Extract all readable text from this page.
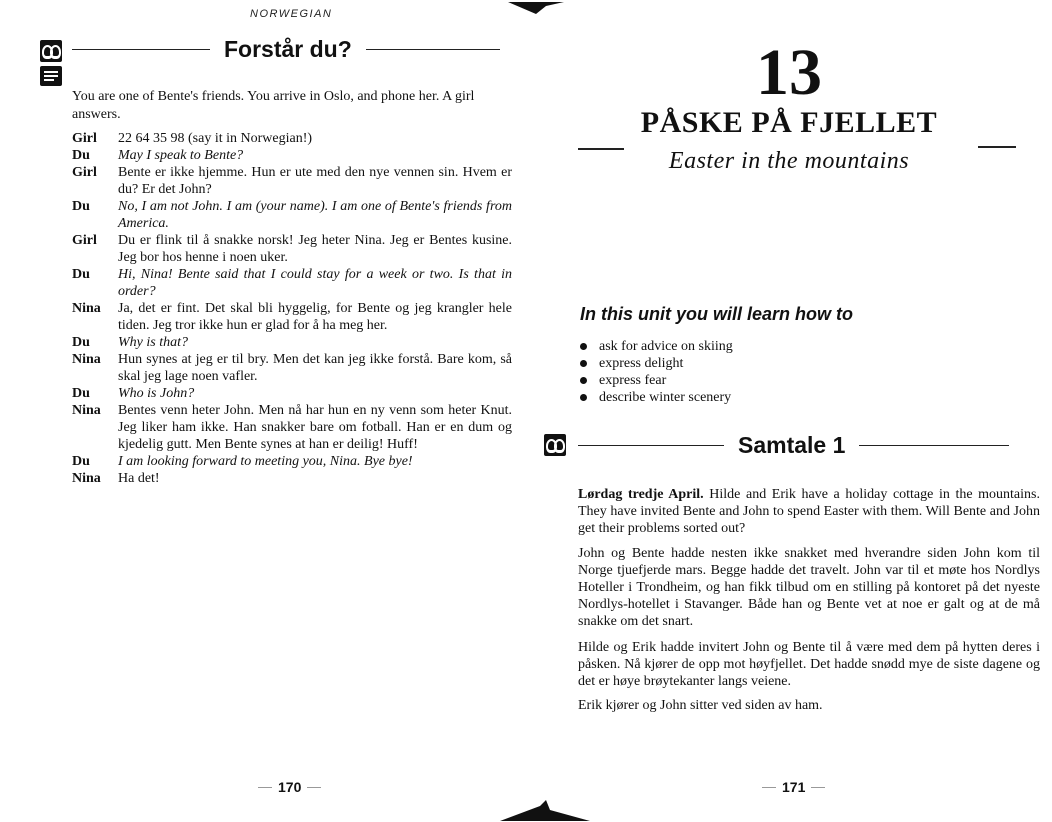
NORWEGIAN
Forstår du?
You are one of Bente's friends. You arrive in Oslo, and phone her. A girl answers.
Girl	22 64 35 98 (say it in Norwegian!)
Du	May I speak to Bente?
Girl	Bente er ikke hjemme. Hun er ute med den nye vennen sin. Hvem er du? Er det John?
Du	No, I am not John. I am (your name). I am one of Bente's friends from America.
Girl	Du er flink til å snakke norsk! Jeg heter Nina. Jeg er Bentes kusine. Jeg bor hos henne i noen uker.
Du	Hi, Nina! Bente said that I could stay for a week or two. Is that in order?
Nina	Ja, det er fint. Det skal bli hyggelig, for Bente og jeg krangler hele tiden. Jeg tror ikke hun er glad for å ha meg her.
Du	Why is that?
Nina	Hun synes at jeg er til bry. Men det kan jeg ikke forstå. Bare kom, så skal jeg lage noen vafler.
Du	Who is John?
Nina	Bentes venn heter John. Men nå har hun en ny venn som heter Knut. Jeg liker ham ikke. Han snakker bare om fotball. Han er en dum og kjedelig gutt. Men Bente synes at han er deilig! Huff!
Du	I am looking forward to meeting you, Nina. Bye bye!
Nina	Ha det!
170
13
PÅSKE PÅ FJELLET
Easter in the mountains
In this unit you will learn how to
ask for advice on skiing
express delight
express fear
describe winter scenery
Samtale 1

Lørdag tredje April. Hilde and Erik have a holiday cottage in the mountains. They have invited Bente and John to spend Easter with them. Will Bente and John get their problems sorted out?

John og Bente hadde nesten ikke snakket med hverandre siden John kom til Norge tjuefjerde mars. Begge hadde det travelt. John var til et møte hos Nordlys Hoteller i Trondheim, og han fikk tilbud om en stilling på kontoret på det nyeste Nordlys-hotellet i Stavanger. Både han og Bente vet at noe er galt og at de må snakke om det snart.

Hilde og Erik hadde invitert John og Bente til å være med dem på hytten deres i påsken. Nå kjører de opp mot høyfjellet. Det hadde snødd mye de siste dagene og det er høye brøytekanter langs veiene.

Erik kjører og John sitter ved siden av ham.

171
